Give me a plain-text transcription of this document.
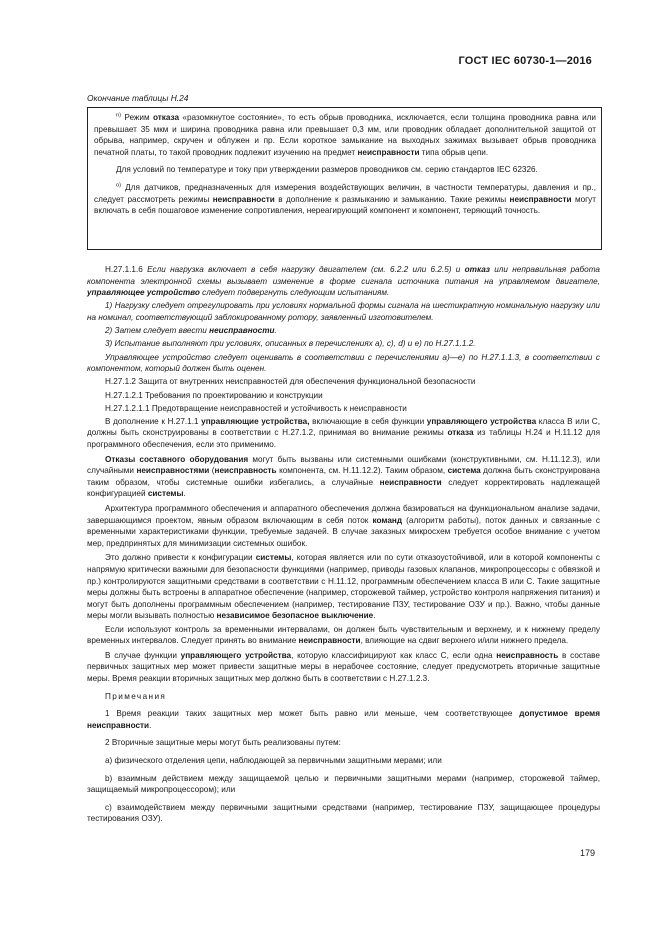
ГОСТ IEC 60730-1—2016
Окончание таблицы Н.24

$^{n)}$ Режим отказа «разомкнутое состояние», то есть обрыв проводника, исключается, если толщина проводника равна или превышает 35 мкм и ширина проводника равна или превышает 0,3 мм, или проводник обладает дополнительной защитой от обрыва, например, скручен и облужен и пр. Если короткое замыкание на выходных зажимах вызывает обрыв проводника печатной платы, то такой проводник подлежит изучению на предмет неисправности типа обрыв цепи.

Для условий по температуре и току при утверждении размеров проводников см. серию стандартов IEC 62326.

$^{o)}$ Для датчиков, предназначенных для измерения воздействующих величин, в частности температуры, давления и пр., следует рассмотреть режимы неисправности в дополнение к размыканию и замыканию. Такие режимы неисправности могут включать в себя пошаговое изменение сопротивления, нереагирующий компонент и компонент, теряющий точность.

Н.27.1.1.6 Если нагрузка включает в себя нагрузку двигателем (см. 6.2.2 или 6.2.5) и отказ или неправильная работа компонента электронной схемы вызывает изменение в форме сигнала источника питания на управляемом двигателе, управляющее устройство следует подвергнуть следующим испытаниям.

1) Нагрузку следует отрегулировать при условиях нормальной формы сигнала на шестикратную номинальную нагрузку или на номинал, соответствующий заблокированному ротору, заявленный изготовителем.

2) Затем следует ввести неисправности.

3) Испытание выполняют при условиях, описанных в перечислениях а), с), d) и е) по Н.27.1.1.2.

Управляющее устройство следует оценивать в соответствии с перечислениями а)—е) по Н.27.1.1.3, в соответствии с компонентом, который должен быть оценен.

Н.27.1.2 Защита от внутренних неисправностей для обеспечения функциональной безопасности

Н.27.1.2.1 Требования по проектированию и конструкции

Н.27.1.2.1.1 Предотвращение неисправностей и устойчивость к неисправности

В дополнение к Н.27.1.1 управляющие устройства, включающие в себя функции управляющего устройства класса В или С, должны быть сконструированы в соответствии с Н.27.1.2, принимая во внимание режимы отказа из таблицы Н.24 и Н.11.12 для программного обеспечения, если это применимо.

Отказы составного оборудования могут быть вызваны или системными ошибками (конструктивными, см. Н.11.12.3), или случайными неисправностями (неисправность компонента, см. Н.11.12.2). Таким образом, система должна быть сконструирована таким образом, чтобы системные ошибки избегались, а случайные неисправности следует корректировать надлежащей конфигурацией системы.

Архитектура программного обеспечения и аппаратного обеспечения должна базироваться на функциональном анализе задачи, завершающимся проектом, явным образом включающим в себя поток команд (алгоритм работы), поток данных и связанные с временными характеристиками функции, требуемые задачей. В случае заказных микросхем требуется особое внимание с учетом мер, предпринятых для минимизации системных ошибок.

Это должно привести к конфигурации системы, которая является или по сути отказоустойчивой, или в которой компоненты с напрямую критически важными для безопасности функциями (например, приводы газовых клапанов, микропроцессоры с обвязкой и пр.) контролируются защитными средствами в соответствии с Н.11.12, программным обеспечением класса В или С. Такие защитные меры должны быть встроены в аппаратное обеспечение (например, сторожевой таймер, устройство контроля напряжения питания) и могут быть дополнены программным обеспечением (например, тестирование ПЗУ, тестирование ОЗУ и пр.). Важно, чтобы данные меры могли вызывать полностью независимое безопасное выключение.

Если используют контроль за временными интервалами, он должен быть чувствительным и верхнему, и к нижнему пределу временных интервалов. Следует принять во внимание неисправности, влияющие на сдвиг верхнего и/или нижнего предела.

В случае функции управляющего устройства, которую классифицируют как класс С, если одна неисправность в составе первичных защитных мер может привести защитные меры в нерабочее состояние, следует предусмотреть вторичные защитные меры. Время реакции вторичных защитных мер должно быть в соответствии с Н.27.1.2.3.

Примечания

1 Время реакции таких защитных мер может быть равно или меньше, чем соответствующее допустимое время неисправности.

2 Вторичные защитные меры могут быть реализованы путем:

а) физического отделения цепи, наблюдающей за первичными защитными мерами; или

b) взаимным действием между защищаемой целью и первичными защитными мерами (например, сторожевой таймер, защищаемый микропроцессором); или

с) взаимодействием между первичными защитными средствами (например, тестирование ПЗУ, защищающее процедуры тестирования ОЗУ).

179
